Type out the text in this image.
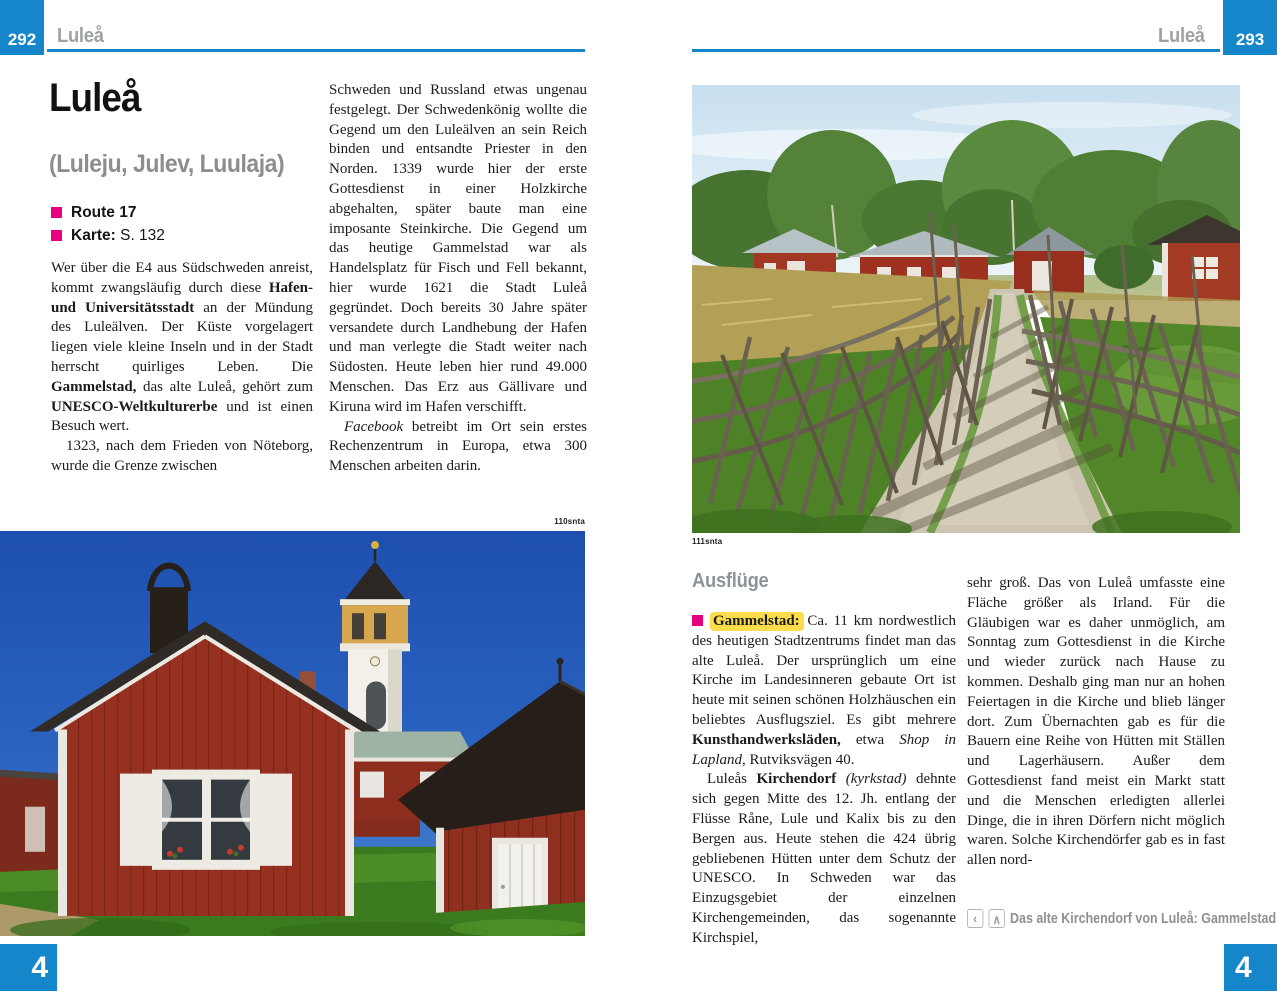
292 Luleå	Luleå 293
Luleå
(Luleju, Julev, Luulaja)
Route 17
Karte: S. 132

Wer über die E4 aus Südschweden anreist, kommt zwangsläufig durch diese Hafen- und Universitätsstadt an der Mündung des Luleälven. Der Küste vorgelagert liegen viele kleine Inseln und in der Stadt herrscht quirliges Leben. Die Gammelstad, das alte Luleå, gehört zum UNESCO-Weltkulturerbe und ist einen Besuch wert.

1323, nach dem Frieden von Nöteborg, wurde die Grenze zwischen

Schweden und Russland etwas ungenau festgelegt. Der Schwedenkönig wollte die Gegend um den Luleälven an sein Reich binden und entsandte Priester in den Norden. 1339 wurde hier der erste Gottesdienst in einer Holzkirche abgehalten, später baute man eine imposante Steinkirche. Die Gegend um das heutige Gammelstad war als Handelsplatz für Fisch und Fell bekannt, hier wurde 1621 die Stadt Luleå gegründet. Doch bereits 30 Jahre später versandete durch Landhebung der Hafen und man verlegte die Stadt weiter nach Südosten. Heute leben hier rund 49.000 Menschen. Das Erz aus Gällivare und Kiruna wird im Hafen verschifft.

Facebook betreibt im Ort sein erstes Rechenzentrum in Europa, etwa 300 Menschen arbeiten darin.

110snta
111snta
Ausflüge

Gammelstad: Ca. 11 km nordwestlich des heutigen Stadtzentrums findet man das alte Luleå. Der ursprünglich um eine Kirche im Landesinneren gebaute Ort ist heute mit seinen schönen Holzhäuschen ein beliebtes Ausflugsziel. Es gibt mehrere Kunsthandwerksläden, etwa Shop in Lapland, Rutviksvägen 40.

Luleås Kirchendorf (kyrkstad) dehnte sich gegen Mitte des 12. Jh. entlang der Flüsse Råne, Lule und Kalix bis zu den Bergen aus. Heute stehen die 424 übrig gebliebenen Hütten unter dem Schutz der UNESCO. In Schweden war das Einzugsgebiet der einzelnen Kirchengemeinden, das sogenannte Kirchspiel,

sehr groß. Das von Luleå umfasste eine Fläche größer als Irland. Für die Gläubigen war es daher unmöglich, am Sonntag zum Gottesdienst in die Kirche und wieder zurück nach Hause zu kommen. Deshalb ging man nur an hohen Feiertagen in die Kirche und blieb länger dort. Zum Übernachten gab es für die Bauern eine Reihe von Hütten mit Ställen und Lagerhäusern. Außer dem Gottesdienst fand meist ein Markt statt und die Menschen erledigten allerlei Dinge, die in ihren Dörfern nicht möglich waren. Solche Kirchendörfer gab es in fast allen nord-

‹ ∧ Das alte Kirchendorf von Luleå: Gammelstad
4	4
